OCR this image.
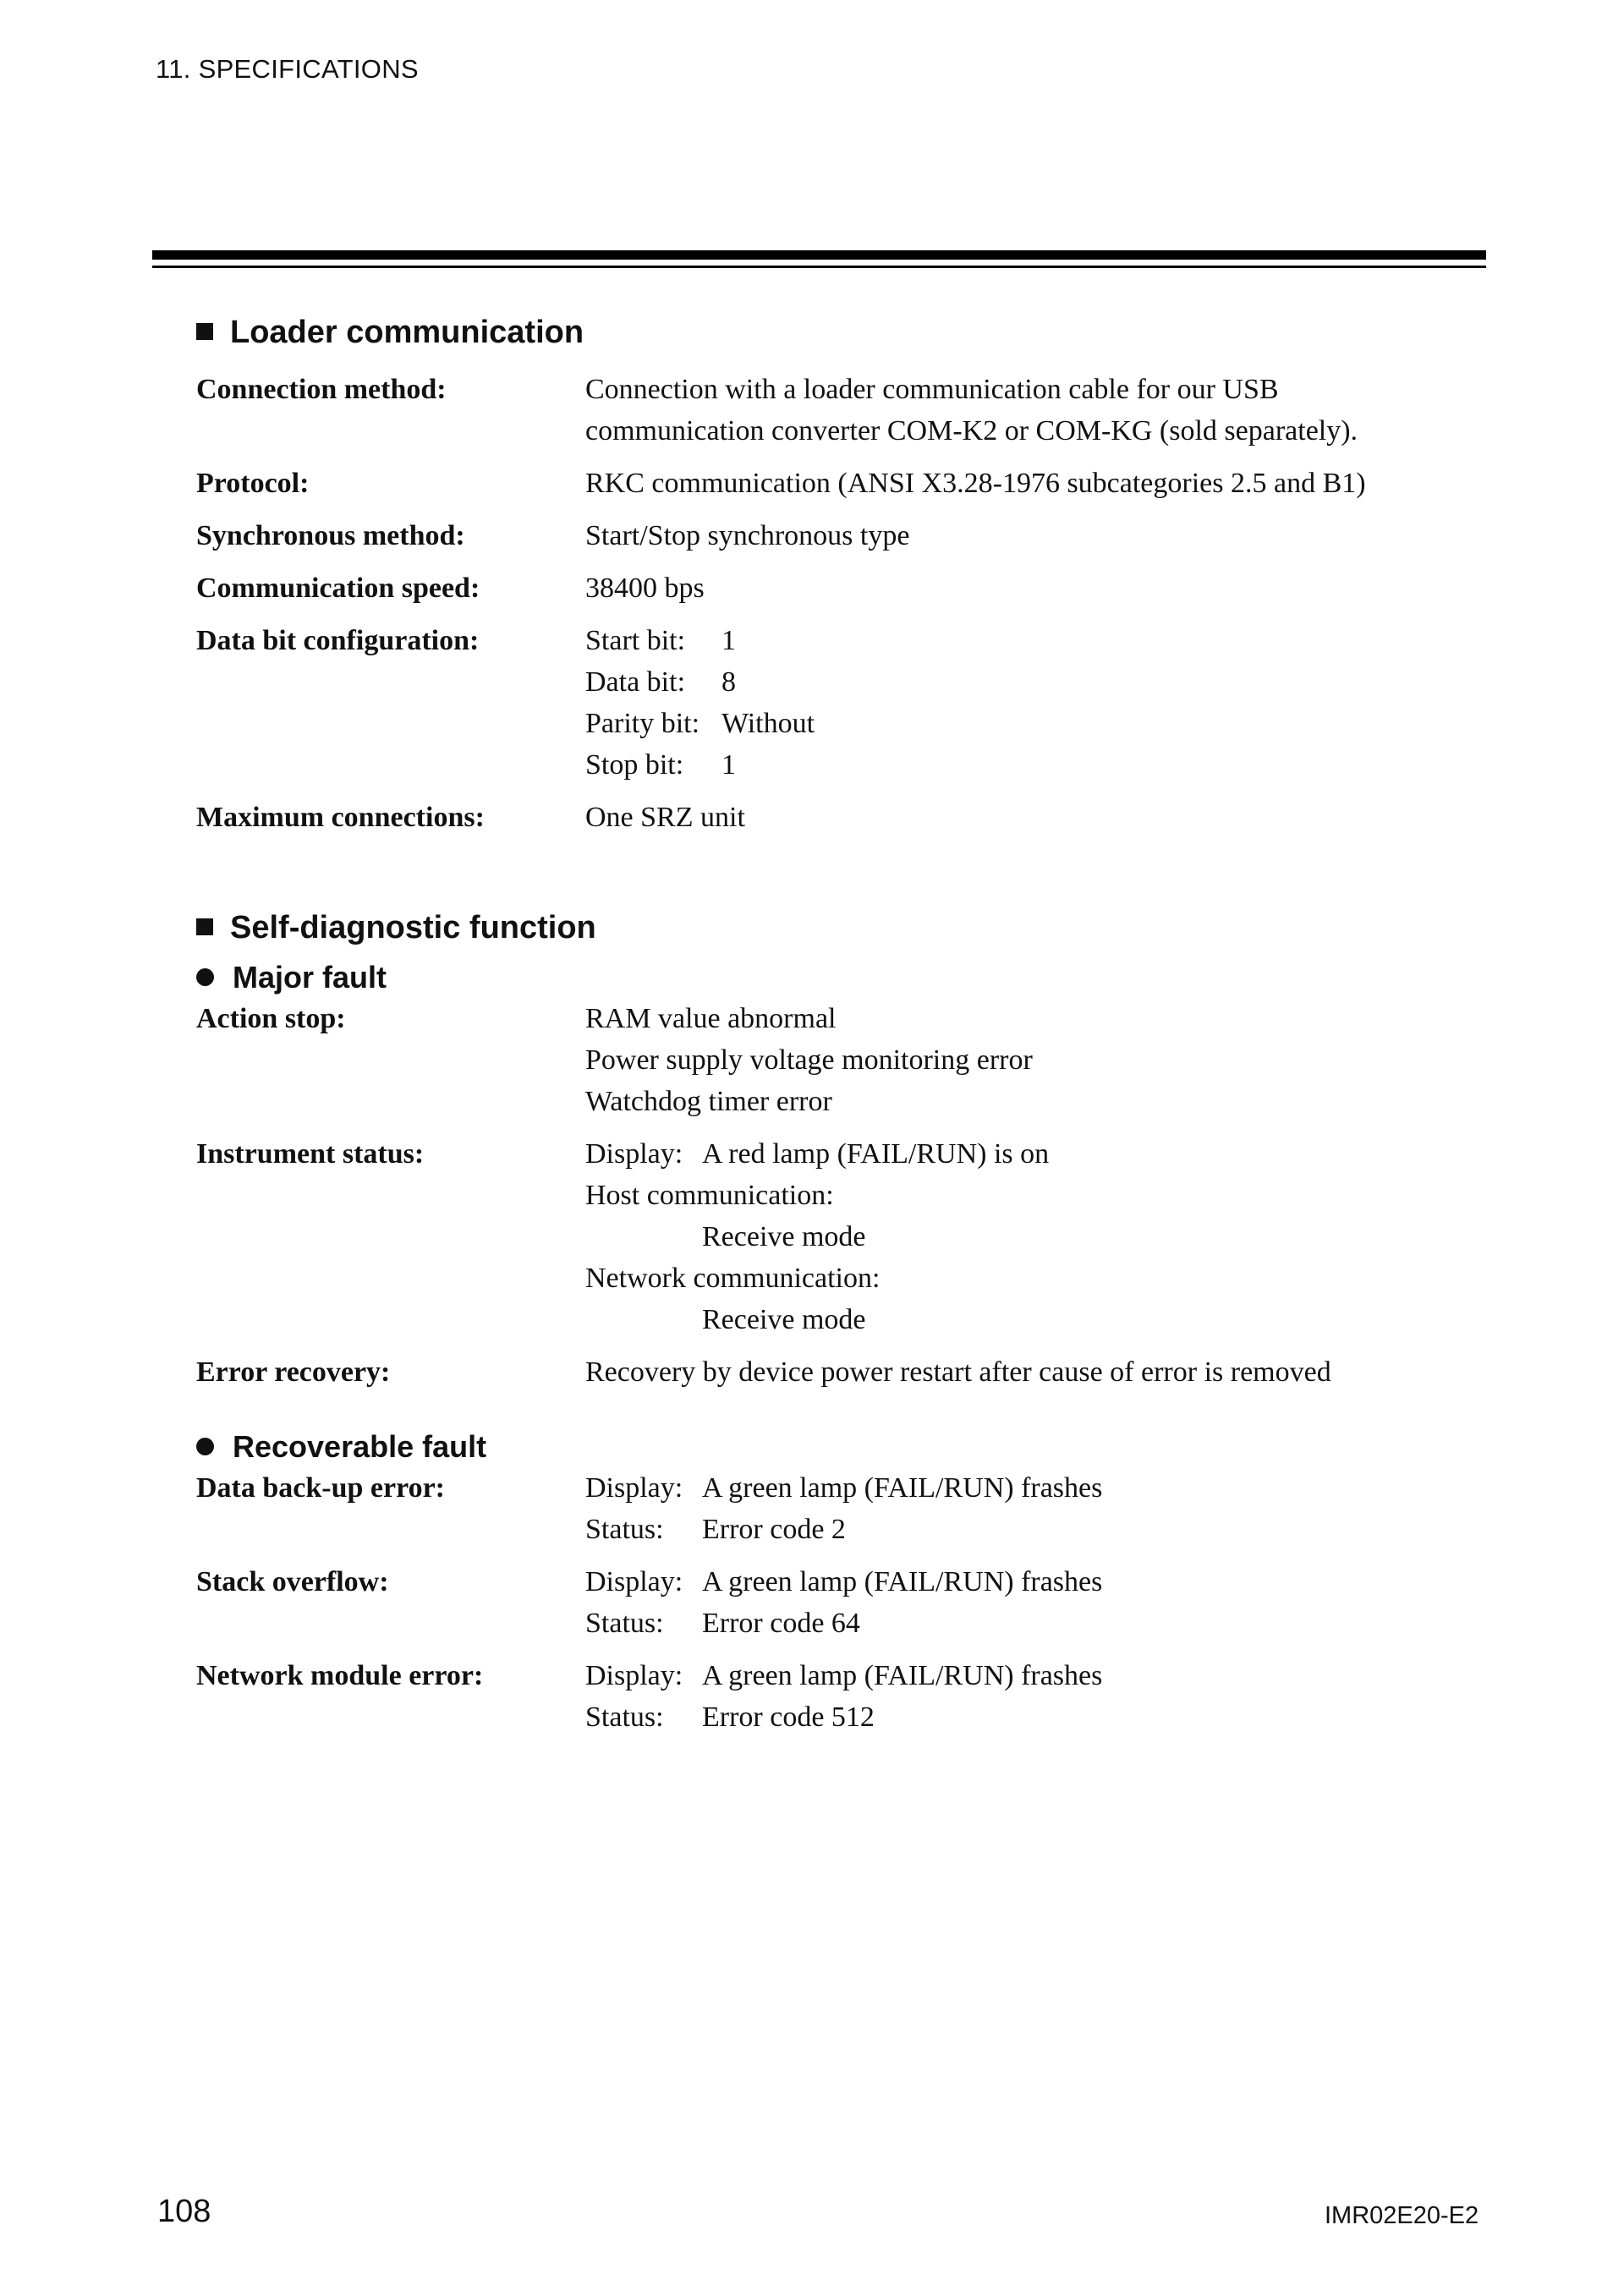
11. SPECIFICATIONS
Loader communication
Connection method:	Connection with a loader communication cable for our USB
communication converter COM-K2 or COM-KG (sold separately).

Protocol:	RKC communication (ANSI X3.28-1976 subcategories 2.5 and B1)

Synchronous method:	Start/Stop synchronous type

Communication speed:	38400 bps

Data bit configuration:	Start bit: 1
Data bit: 8
Parity bit: Without
Stop bit: 1

Maximum connections:	One SRZ unit
Self-diagnostic function
Major fault
Action stop:	RAM value abnormal
Power supply voltage monitoring error
Watchdog timer error

Instrument status:	Display: A red lamp (FAIL/RUN) is on
Host communication:
Receive mode
Network communication:
Receive mode

Error recovery:	Recovery by device power restart after cause of error is removed
Recoverable fault
Data back-up error:	Display: A green lamp (FAIL/RUN) frashes
Status: Error code 2

Stack overflow:	Display: A green lamp (FAIL/RUN) frashes
Status: Error code 64

Network module error:	Display: A green lamp (FAIL/RUN) frashes
Status: Error code 512
108	IMR02E20-E2
